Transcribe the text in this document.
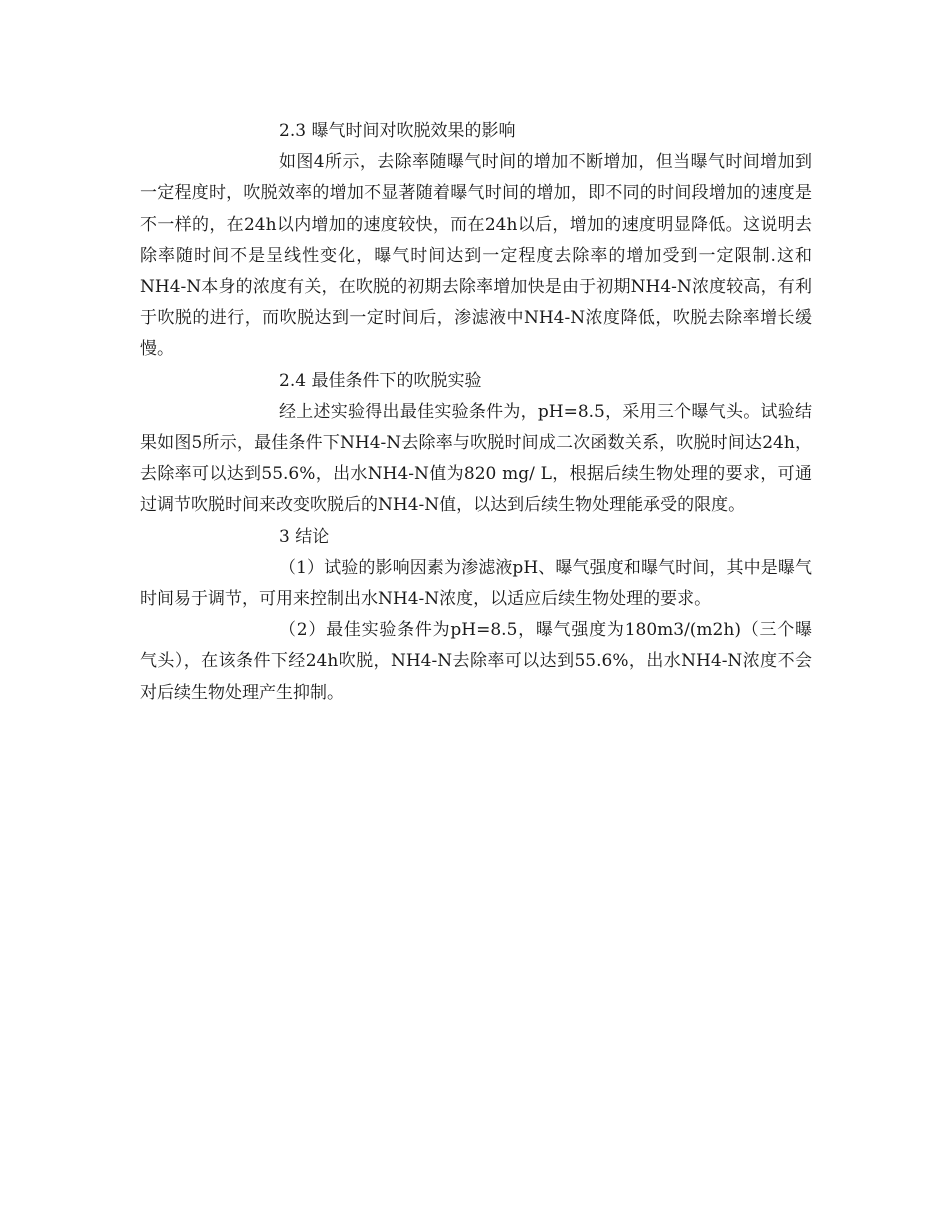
2.3 曝气时间对吹脱效果的影响

如图4所示，去除率随曝气时间的增加不断增加，但当曝气时间增加到一定程度时，吹脱效率的增加不显著随着曝气时间的增加，即不同的时间段增加的速度是不一样的，在24h以内增加的速度较快，而在24h以后，增加的速度明显降低。这说明去除率随时间不是呈线性变化，曝气时间达到一定程度去除率的增加受到一定限制.这和NH4-N本身的浓度有关，在吹脱的初期去除率增加快是由于初期NH4-N浓度较高，有利于吹脱的进行，而吹脱达到一定时间后，渗滤液中NH4-N浓度降低，吹脱去除率增长缓慢。

2.4 最佳条件下的吹脱实验

经上述实验得出最佳实验条件为，pH=8.5，采用三个曝气头。试验结果如图5所示，最佳条件下NH4-N去除率与吹脱时间成二次函数关系，吹脱时间达24h，去除率可以达到55.6%，出水NH4-N值为820 mg/ L，根据后续生物处理的要求，可通过调节吹脱时间来改变吹脱后的NH4-N值，以达到后续生物处理能承受的限度。

3 结论

（1）试验的影响因素为渗滤液pH、曝气强度和曝气时间，其中是曝气时间易于调节，可用来控制出水NH4-N浓度，以适应后续生物处理的要求。

（2）最佳实验条件为pH=8.5，曝气强度为180m3/(m2h)（三个曝气头），在该条件下经24h吹脱，NH4-N去除率可以达到55.6%，出水NH4-N浓度不会对后续生物处理产生抑制。
